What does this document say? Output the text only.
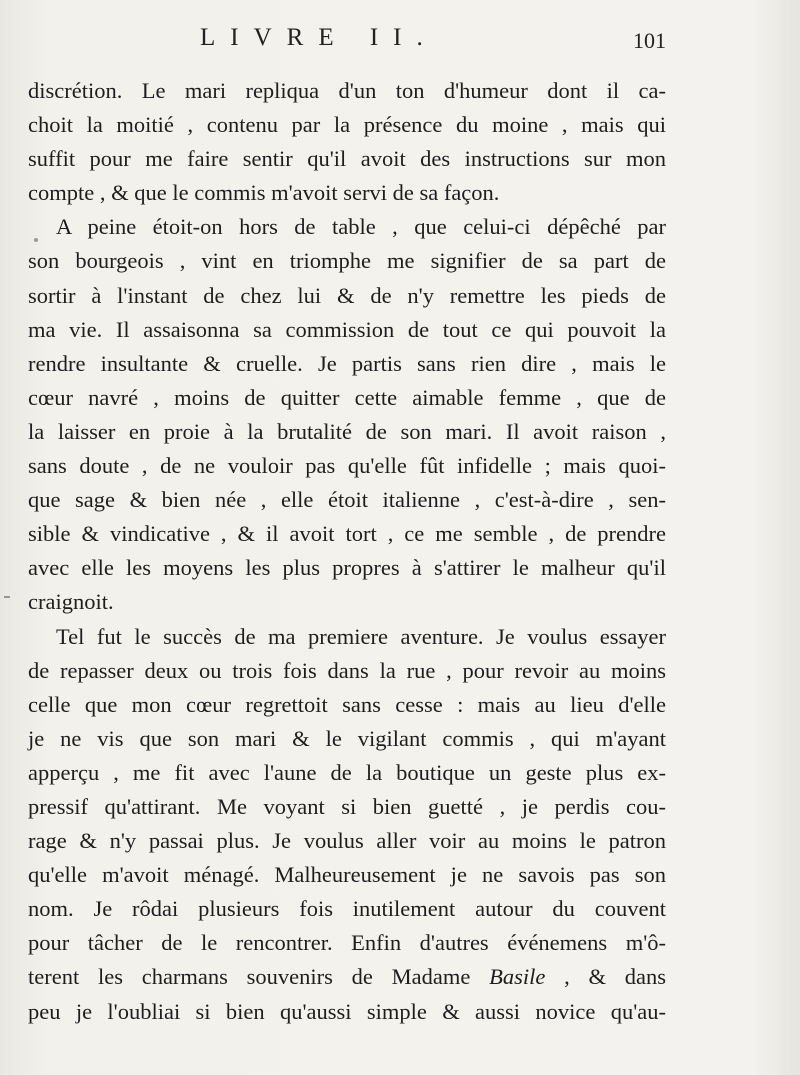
LIVRE II.	101
discrétion. Le mari repliqua d'un ton d'humeur dont il ca-
choit la moitié , contenu par la présence du moine , mais qui
suffit pour me faire sentir qu'il avoit des instructions sur mon
compte , & que le commis m'avoit servi de sa façon.
A peine étoit-on hors de table , que celui-ci dépêché par
son bourgeois , vint en triomphe me signifier de sa part de
sortir à l'instant de chez lui & de n'y remettre les pieds de
ma vie. Il assaisonna sa commission de tout ce qui pouvoit la
rendre insultante & cruelle. Je partis sans rien dire , mais le
cœur navré , moins de quitter cette aimable femme , que de
la laisser en proie à la brutalité de son mari. Il avoit raison ,
sans doute , de ne vouloir pas qu'elle fût infidelle ; mais quoi-
que sage & bien née , elle étoit italienne , c'est-à-dire , sen-
sible & vindicative , & il avoit tort , ce me semble , de prendre
avec elle les moyens les plus propres à s'attirer le malheur qu'il
craignoit.
Tel fut le succès de ma premiere aventure. Je voulus essayer
de repasser deux ou trois fois dans la rue , pour revoir au moins
celle que mon cœur regrettoit sans cesse : mais au lieu d'elle
je ne vis que son mari & le vigilant commis , qui m'ayant
apperçu , me fit avec l'aune de la boutique un geste plus ex-
pressif qu'attirant. Me voyant si bien guetté , je perdis cou-
rage & n'y passai plus. Je voulus aller voir au moins le patron
qu'elle m'avoit ménagé. Malheureusement je ne savois pas son
nom. Je rôdai plusieurs fois inutilement autour du couvent
pour tâcher de le rencontrer. Enfin d'autres événemens m'ô-
terent les charmans souvenirs de Madame Basile , & dans
peu je l'oubliai si bien qu'aussi simple & aussi novice qu'au-
